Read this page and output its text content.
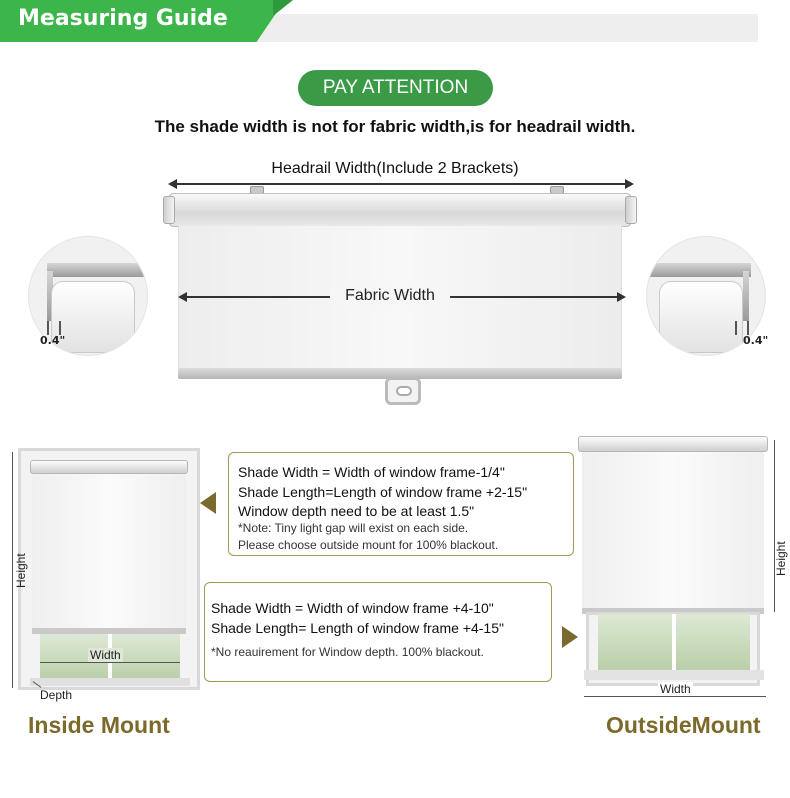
Measuring Guide
PAY ATTENTION
The shade width is not for fabric width,is for headrail width.
Headrail Width(Include 2 Brackets)
Fabric Width
0.4"	0.4"
Height
Width
Depth
Shade Width = Width of window frame-1/4"
Shade Length=Length of window frame +2-15"
Window depth need to be at least 1.5"
*Note: Tiny light gap will exist on each side.
Please choose outside mount for 100% blackout.
Shade Width = Width of window frame +4-10"
Shade Length= Length of window frame +4-15"
*No reauirement for Window depth. 100% blackout.
Height
Width
Inside Mount	OutsideMount
